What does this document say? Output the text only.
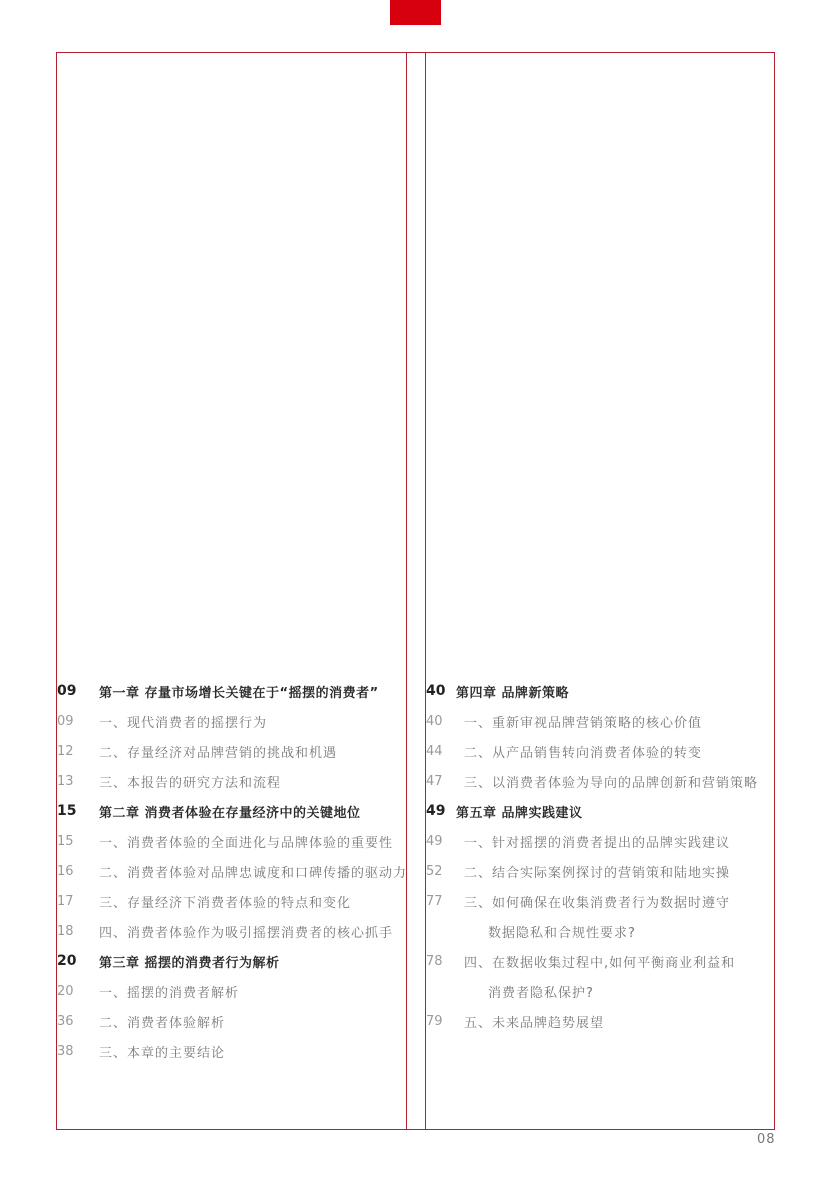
09	第一章 存量市场增长关键在于“摇摆的消费者”
09	一、现代消费者的摇摆行为
12	二、存量经济对品牌营销的挑战和机遇
13	三、本报告的研究方法和流程
15	第二章 消费者体验在存量经济中的关键地位
15	一、消费者体验的全面进化与品牌体验的重要性
16	二、消费者体验对品牌忠诚度和口碑传播的驱动力
17	三、存量经济下消费者体验的特点和变化
18	四、消费者体验作为吸引摇摆消费者的核心抓手
20	第三章 摇摆的消费者行为解析
20	一、摇摆的消费者解析
36	二、消费者体验解析
38	三、本章的主要结论
40 第四章 品牌新策略
40	一、重新审视品牌营销策略的核心价值
44	二、从产品销售转向消费者体验的转变
47	三、以消费者体验为导向的品牌创新和营销策略
49 第五章 品牌实践建议
49	一、针对摇摆的消费者提出的品牌实践建议
52	二、结合实际案例探讨的营销策和陆地实操
77	三、如何确保在收集消费者行为数据时遵守
数据隐私和合规性要求?
78	四、在数据收集过程中,如何平衡商业利益和
消费者隐私保护?
79	五、未来品牌趋势展望
08
